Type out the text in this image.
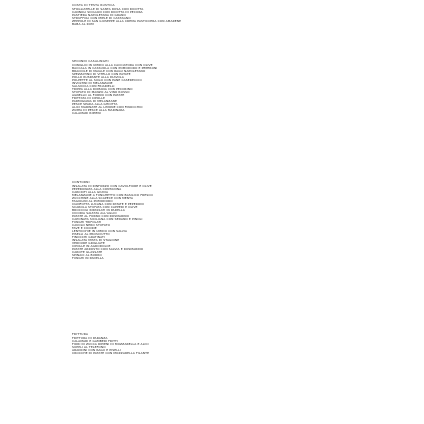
COSTA DI TESTA RUSTICA

SFOGLIATELLE DI SANTA ROSA CON RICOTTA

CANNOLI SICILIANI CON RICOTTA DI PECORA

PASTIERA NAPOLETANA DI GRANO

STRUFFOLI CON MIELE DI CASTAGNO

ZEPPOLE DI SAN GIUSEPPE ALLA CREMA PASTICCERA CON AMARENE

BABÀ AL RUM

SECONDI CASALINGHI

CONIGLIO IN UMIDO ALLA CACCIATORA CON OLIVE

BACCALÀ IN CASSUOLA CON POMODORO E PEPERONI

BRACIOLE DI MAIALE CON RAGÙ NAPOLETANO

SPEZZATINO DI VITELLO CON PATATE

POLLO RUSPANTE ALLA DIAVOLA

POLPETTE AL SUGO CON PANE CASERECCIO

INVOLTINI DI MELANZANE

SALSICCIA CON FRIARIELLI

TRIPPA ALLA ROMANA CON PECORINO

STUFATO DI MANZO AL VINO ROSSO

AGNELLO AL FORNO CON PATATE

FRITTATA DI CIPOLLE

PARMIGIANA DI MELANZANE

PESCE SPADA ALLA GHIOTTA

ALICI MARINATE AL LIMONE CON FINOCCHIO

ZUPPA DI PESCE ALLA MARINARA

CALAMARI RIPIENI

CONTORNI

INSALATA DI RINFORZO CON CAVOLFIORE E OLIVE

PEPERONATA ALLA CONTADINA

CARCIOFI ALLA GIUDIA

MELANZANE A FUNGHETTO CON BASILICO FRESCO

ZUCCHINE ALLA SCAPECE CON MENTA

FAGIOLINI AL POMODORO

CIANFOTTA LUCANA CON PATATE E PEPERONI

SCAROLA STUFATA CON CAPPERI E OLIVE

BROCCOLI RIPASSATI IN PADELLA

CICORIA SALTATA ALL'AGLIO

PATATE AL FORNO CON ROSMARINO

CAPONATA SICILIANA CON SEDANO E PINOLI

FUNGHI TRIFOLATI

CAVOLO NERO STUFATO

FAVE E CICORIE

LENTICCHIE IN UMIDO CON SALVIA

PISELLI AL PROSCIUTTO

FINOCCHI GRATINATI

INSALATA MISTA DI STAGIONE

VERDURE GRIGLIATE

CIPOLLE IN AGRODOLCE

PATATE ARROSTO CON SALVIA E ROSMARINO

CAROTE GLASSATE

SPINACI AL BURRO

FUNGHI IN PADELLA

FRITTURA

FRITTURA DI PARANZA

CALAMARI E GAMBERI FRITTI

FIORI DI ZUCCA RIPIENI DI MOZZARELLA E ALICI

SUPPLÌ AL TELEFONO

ARANCINI CON RAGÙ E PISELLI

CROCCHÈ DI PATATE CON MOZZARELLA FILANTE
